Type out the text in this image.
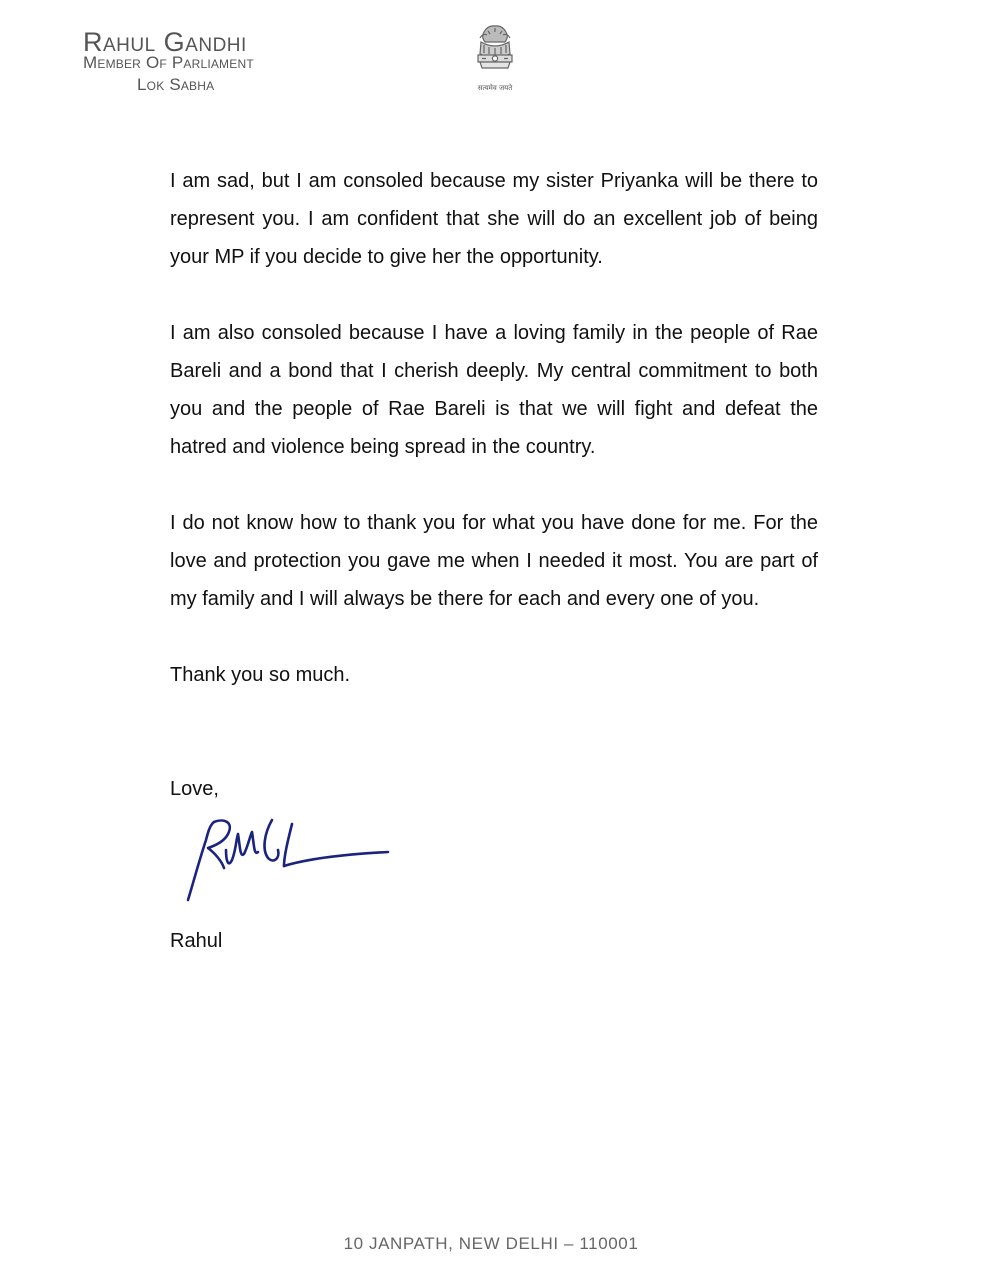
Rahul Gandhi
Member Of Parliament
Lok Sabha	सत्यमेव जयते

I am sad, but I am consoled because my sister Priyanka will be there to represent you. I am confident that she will do an excellent job of being your MP if you decide to give her the opportunity.

I am also consoled because I have a loving family in the people of Rae Bareli and a bond that I cherish deeply. My central commitment to both you and the people of Rae Bareli is that we will fight and defeat the hatred and violence being spread in the country.

I do not know how to thank you for what you have done for me. For the love and protection you gave me when I needed it most. You are part of my family and I will always be there for each and every one of you.

Thank you so much.

Love,
Rahul
10 JANPATH, NEW DELHI – 110001
